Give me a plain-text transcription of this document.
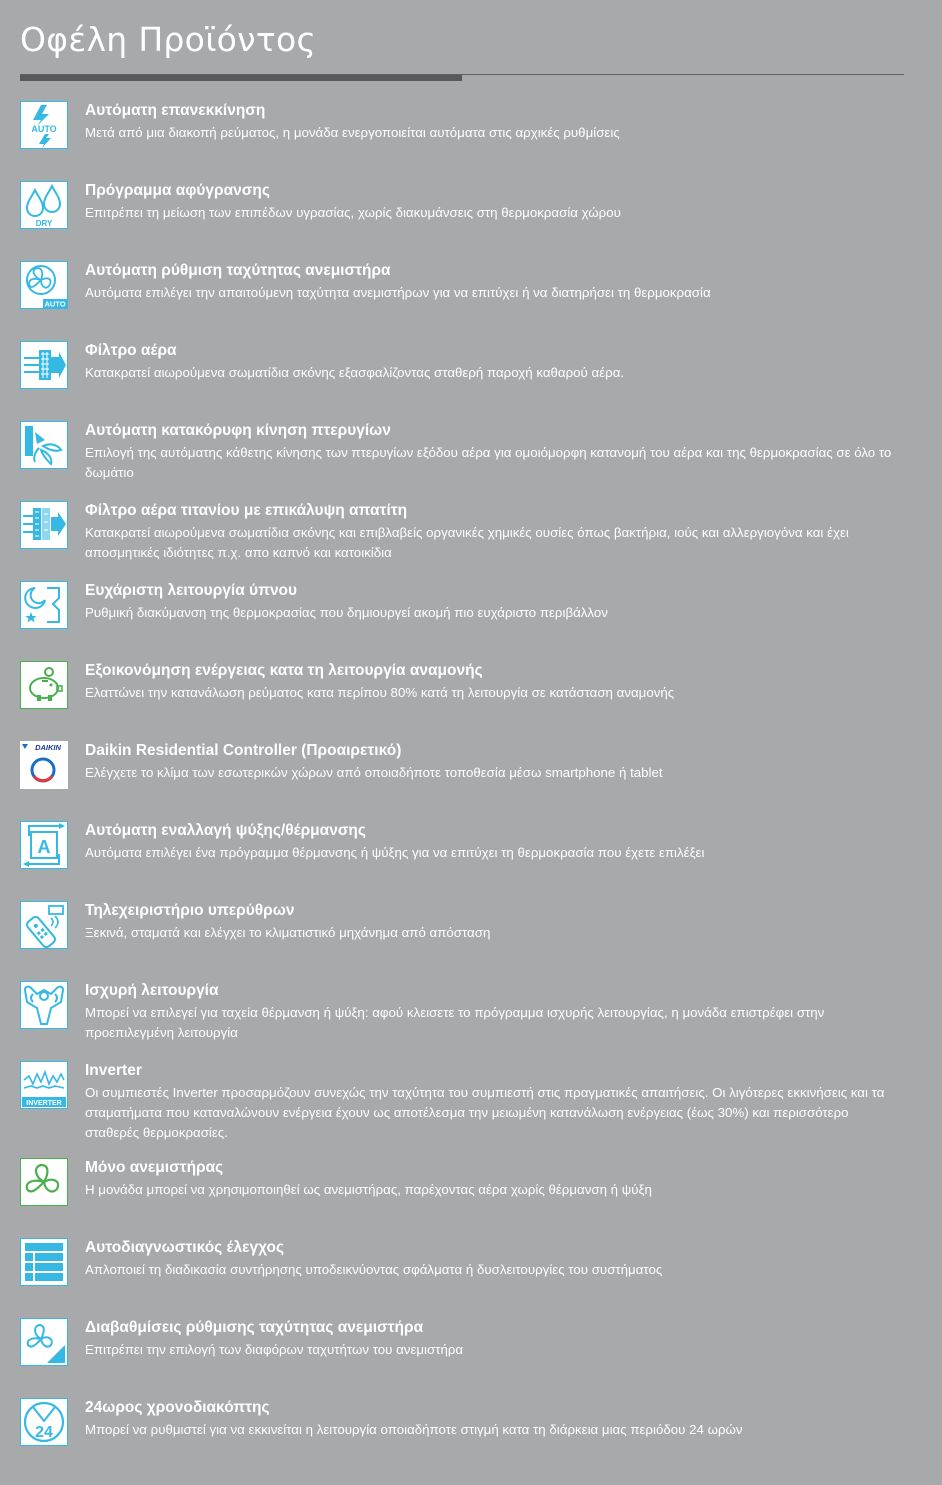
Οφέλη Προϊόντος
AUTO
Αυτόματη επανεκκίνηση
Μετά από μια διακοπή ρεύματος, η μονάδα ενεργοποιείται αυτόματα στις αρχικές ρυθμίσεις
DRY
Πρόγραμμα αφύγρανσης
Επιτρέπει τη μείωση των επιπέδων υγρασίας, χωρίς διακυμάνσεις στη θερμοκρασία χώρου
AUTO
Αυτόματη ρύθμιση ταχύτητας ανεμιστήρα
Αυτόματα επιλέγει την απαιτούμενη ταχύτητα ανεμιστήρων για να επιτύχει ή να διατηρήσει τη θερμοκρασία
Φίλτρο αέρα
Κατακρατεί αιωρούμενα σωματίδια σκόνης εξασφαλίζοντας σταθερή παροχή καθαρού αέρα.
Αυτόματη κατακόρυφη κίνηση πτερυγίων
Επιλογή της αυτόματης κάθετης κίνησης των πτερυγίων εξόδου αέρα για ομοιόμορφη κατανομή του αέρα και της θερμοκρασίας σε όλο το δωμάτιο
Φίλτρο αέρα τιτανίου με επικάλυψη απατίτη
Κατακρατεί αιωρούμενα σωματίδια σκόνης και επιβλαβείς οργανικές χημικές ουσίες όπως βακτήρια, ιούς και αλλεργιογόνα και έχει αποσμητικές ιδιότητες π.χ. απο καπνό και κατοικίδια
Ευχάριστη λειτουργία ύπνου
Ρυθμική διακύμανση της θερμοκρασίας που δημιουργεί ακομή πιο ευχάριστο περιβάλλον
Εξοικονόμηση ενέργειας κατα τη λειτουργία αναμονής
Ελαττώνει την κατανάλωση ρεύματος κατα περίπου 80% κατά τη λειτουργία σε κατάσταση αναμονής
DAIKIN Daikin Residential Controller (Προαιρετικό)
Ελέγχετε το κλίμα των εσωτερικών χώρων από οποιαδήποτε τοποθεσία μέσω smartphone ή tablet
A
Αυτόματη εναλλαγή ψύξης/θέρμανσης
Αυτόματα επιλέγει ένα πρόγραμμα θέρμανσης ή ψύξης για να επιτύχει τη θερμοκρασία που έχετε επιλέξει
Τηλεχειριστήριο υπερύθρων
Ξεκινά, σταματά και ελέγχει το κλιματιστικό μηχάνημα από απόσταση
Ισχυρή λειτουργία
Μπορεί να επιλεγεί για ταχεία θέρμανση ή ψύξη: αφού κλεισετε το πρόγραμμα ισχυρής λειτουργίας, η μονάδα επιστρέφει στην προεπιλεγμένη λειτουργία
INVERTER
Inverter
Οι συμπιεστές Inverter προσαρμόζουν συνεχώς την ταχύτητα του συμπιεστή στις πραγματικές απαιτήσεις. Οι λιγότερες εκκινήσεις και τα σταματήματα που καταναλώνουν ενέργεια έχουν ως αποτέλεσμα την μειωμένη κατανάλωση ενέργειας (έως 30%) και περισσότερο σταθερές θερμοκρασίες.
Μόνο ανεμιστήρας
Η μονάδα μπορεί να χρησιμοποιηθεί ως ανεμιστήρας, παρέχοντας αέρα χωρίς θέρμανση ή ψύξη
Αυτοδιαγνωστικός έλεγχος
Απλοποιεί τη διαδικασία συντήρησης υποδεικνύοντας σφάλματα ή δυσλειτουργίες του συστήματος
Διαβαθμίσεις ρύθμισης ταχύτητας ανεμιστήρα
Επιτρέπει την επιλογή των διαφόρων ταχυτήτων του ανεμιστήρα
24
24ωρος χρονοδιακόπτης
Μπορεί να ρυθμιστεί για να εκκινείται η λειτουργία οποιαδήποτε στιγμή κατα τη διάρκεια μιας περιόδου 24 ωρών
